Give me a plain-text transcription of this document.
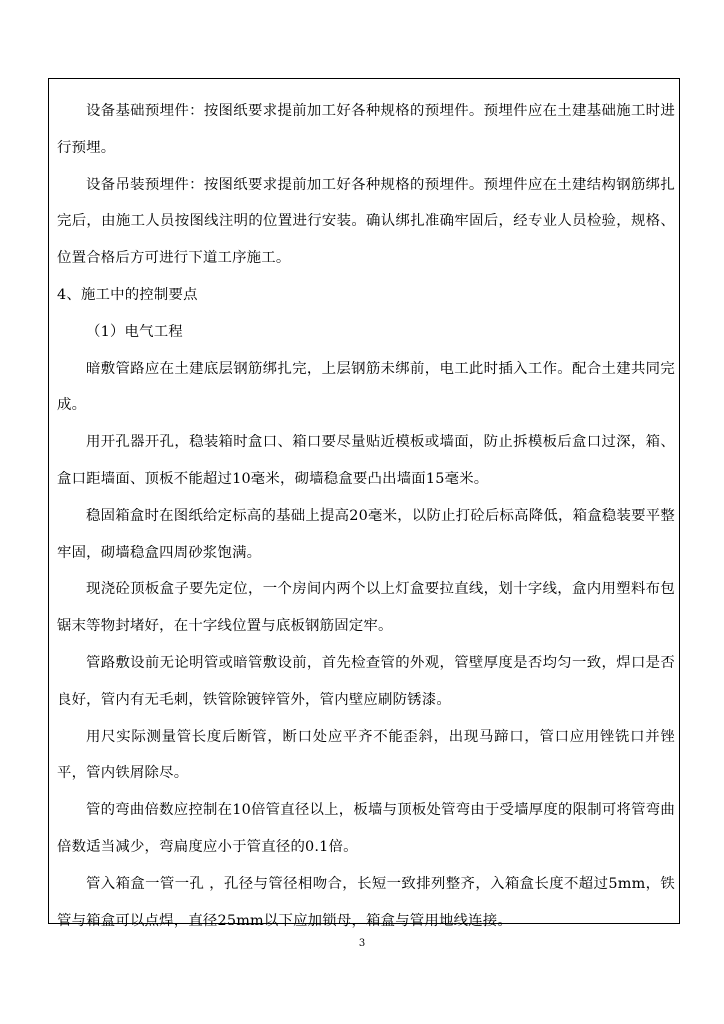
设备基础预埋件：按图纸要求提前加工好各种规格的预埋件。预埋件应在土建基础施工时进行预埋。

设备吊装预埋件：按图纸要求提前加工好各种规格的预埋件。预埋件应在土建结构钢筋绑扎完后，由施工人员按图线注明的位置进行安装。确认绑扎准确牢固后，经专业人员检验，规格、位置合格后方可进行下道工序施工。

4、施工中的控制要点

（1）电气工程

暗敷管路应在土建底层钢筋绑扎完，上层钢筋未绑前，电工此时插入工作。配合土建共同完成。

用开孔器开孔，稳装箱时盒口、箱口要尽量贴近模板或墙面，防止拆模板后盒口过深，箱、盒口距墙面、顶板不能超过10毫米，砌墙稳盒要凸出墙面15毫米。

稳固箱盒时在图纸给定标高的基础上提高20毫米，以防止打砼后标高降低，箱盒稳装要平整牢固，砌墙稳盒四周砂浆饱满。

现浇砼顶板盒子要先定位，一个房间内两个以上灯盒要拉直线，划十字线，盒内用塑料布包锯末等物封堵好，在十字线位置与底板钢筋固定牢。

管路敷设前无论明管或暗管敷设前，首先检查管的外观，管壁厚度是否均匀一致，焊口是否良好，管内有无毛刺，铁管除镀锌管外，管内壁应刷防锈漆。

用尺实际测量管长度后断管，断口处应平齐不能歪斜，出现马蹄口，管口应用锉铣口并锉平，管内铁屑除尽。

管的弯曲倍数应控制在10倍管直径以上，板墙与顶板处管弯由于受墙厚度的限制可将管弯曲倍数适当减少，弯扁度应小于管直径的0.1倍。

管入箱盒一管一孔 ，孔径与管径相吻合，长短一致排列整齐，入箱盒长度不超过5mm，铁管与箱盒可以点焊，直径25mm以下应加锁母，箱盒与管用地线连接。

3
